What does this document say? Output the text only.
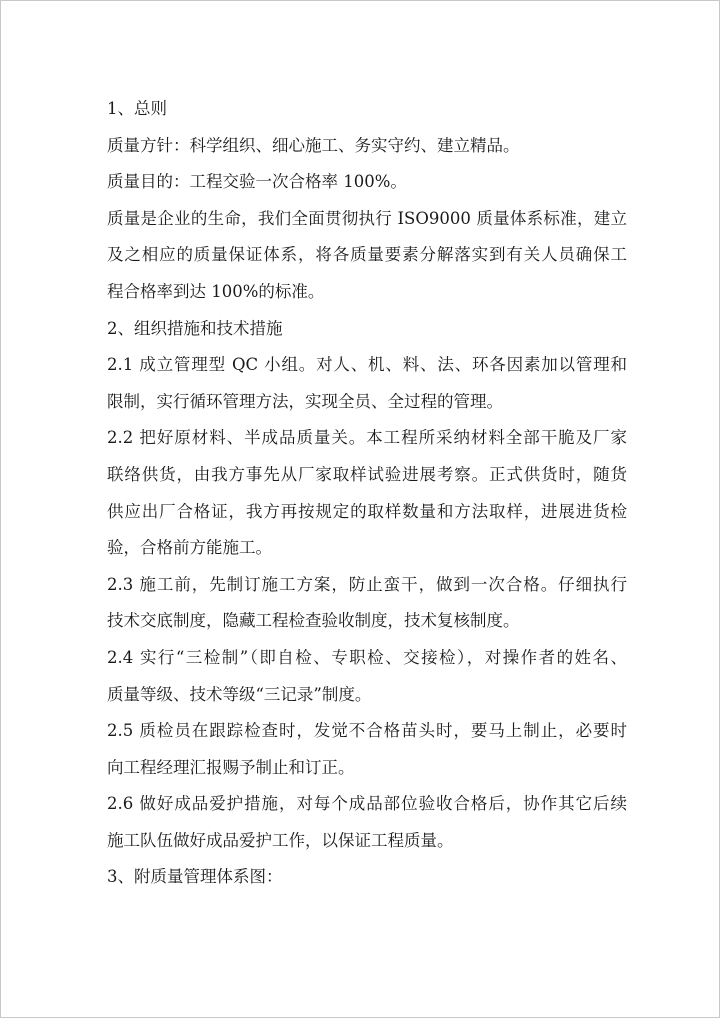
1、总则
质量方针：科学组织、细心施工、务实守约、建立精品。
质量目的：工程交验一次合格率 100%。
质量是企业的生命，我们全面贯彻执行 ISO9000 质量体系标准，建立
及之相应的质量保证体系，将各质量要素分解落实到有关人员确保工
程合格率到达 100%的标准。
2、组织措施和技术措施
2.1 成立管理型 QC 小组。对人、机、料、法、环各因素加以管理和
限制，实行循环管理方法，实现全员、全过程的管理。
2.2 把好原材料、半成品质量关。本工程所采纳材料全部干脆及厂家
联络供货，由我方事先从厂家取样试验进展考察。正式供货时，随货
供应出厂合格证，我方再按规定的取样数量和方法取样，进展进货检
验，合格前方能施工。
2.3 施工前，先制订施工方案，防止蛮干，做到一次合格。仔细执行
技术交底制度，隐藏工程检查验收制度，技术复核制度。
2.4 实行“三检制”（即自检、专职检、交接检），对操作者的姓名、
质量等级、技术等级“三记录”制度。
2.5 质检员在跟踪检查时，发觉不合格苗头时，要马上制止，必要时
向工程经理汇报赐予制止和订正。
2.6 做好成品爱护措施，对每个成品部位验收合格后，协作其它后续
施工队伍做好成品爱护工作，以保证工程质量。
3、附质量管理体系图：
